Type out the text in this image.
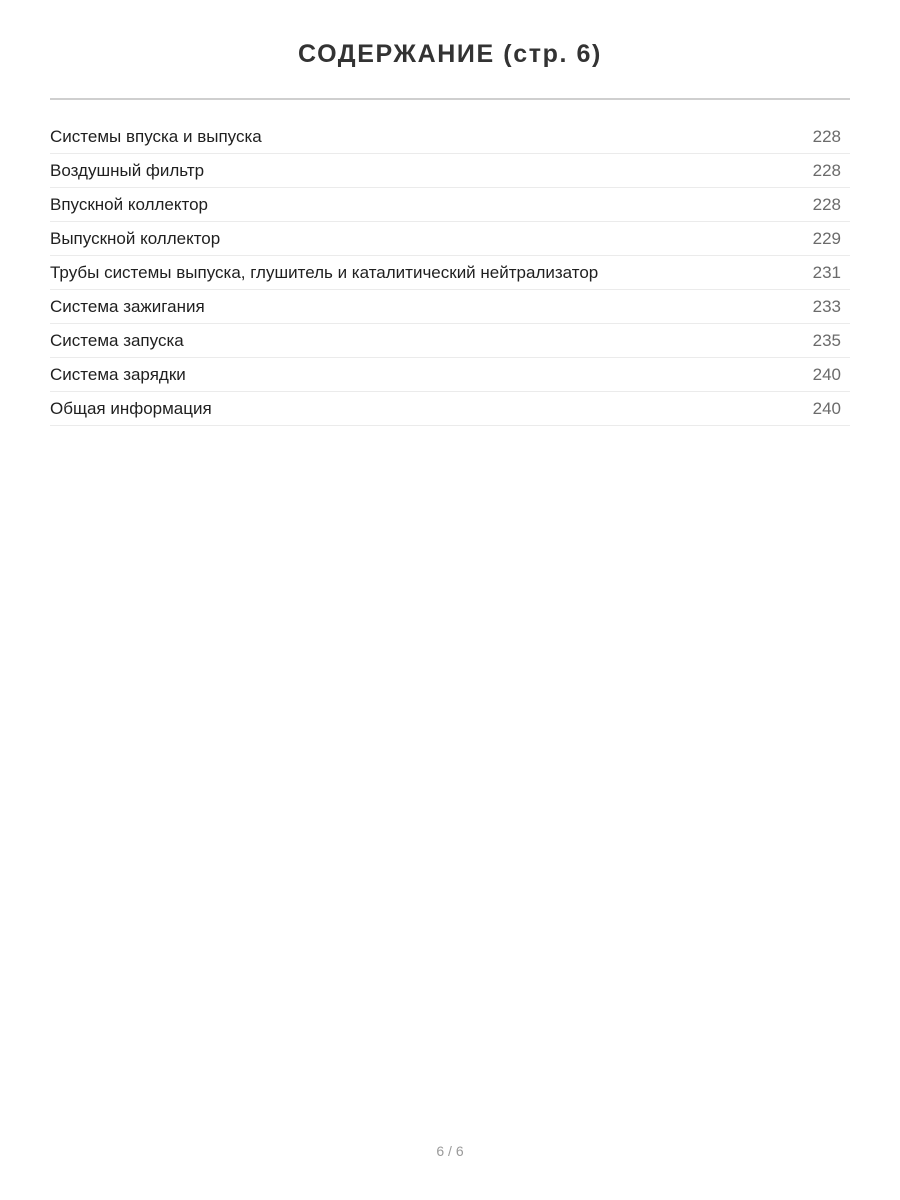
СОДЕРЖАНИЕ (стр. 6)
Системы впуска и выпуска	228
Воздушный фильтр	228
Впускной коллектор	228
Выпускной коллектор	229
Трубы системы выпуска, глушитель и каталитический нейтрализатор	231
Система зажигания	233
Система запуска	235
Система зарядки	240
Общая информация	240
6 / 6
